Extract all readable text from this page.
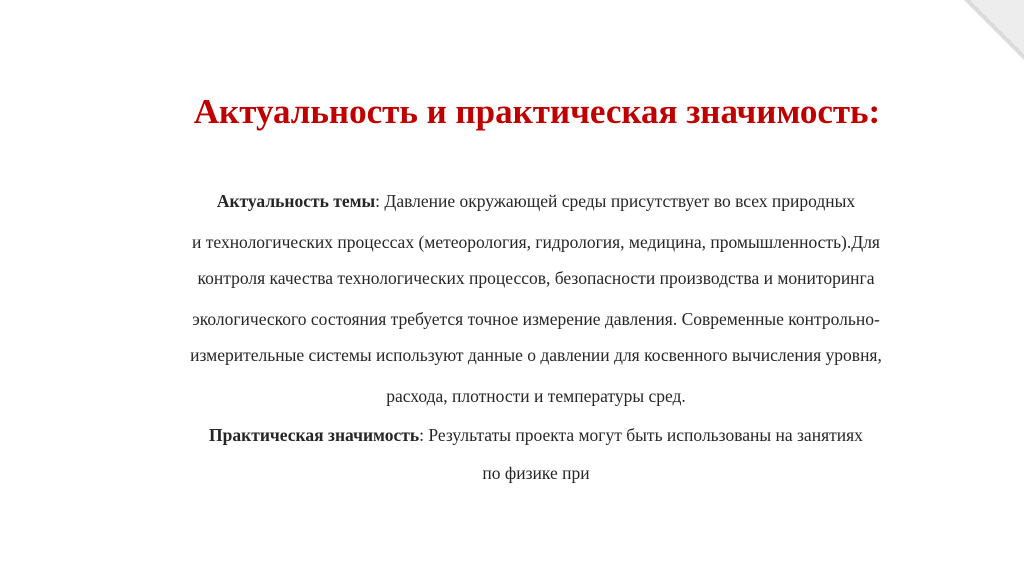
Актуальность и практическая значимость:
Актуальность темы: Давление окружающей среды присутствует во всех природных
и технологических процессах (метеорология, гидрология, медицина, промышленность).Для
контроля качества технологических процессов, безопасности производства и мониторинга
экологического состояния требуется точное измерение давления. Современные контрольно-
измерительные системы используют данные о давлении для косвенного вычисления уровня,
расхода, плотности и температуры сред.
Практическая значимость: Результаты проекта могут быть использованы на занятиях
по физике при
